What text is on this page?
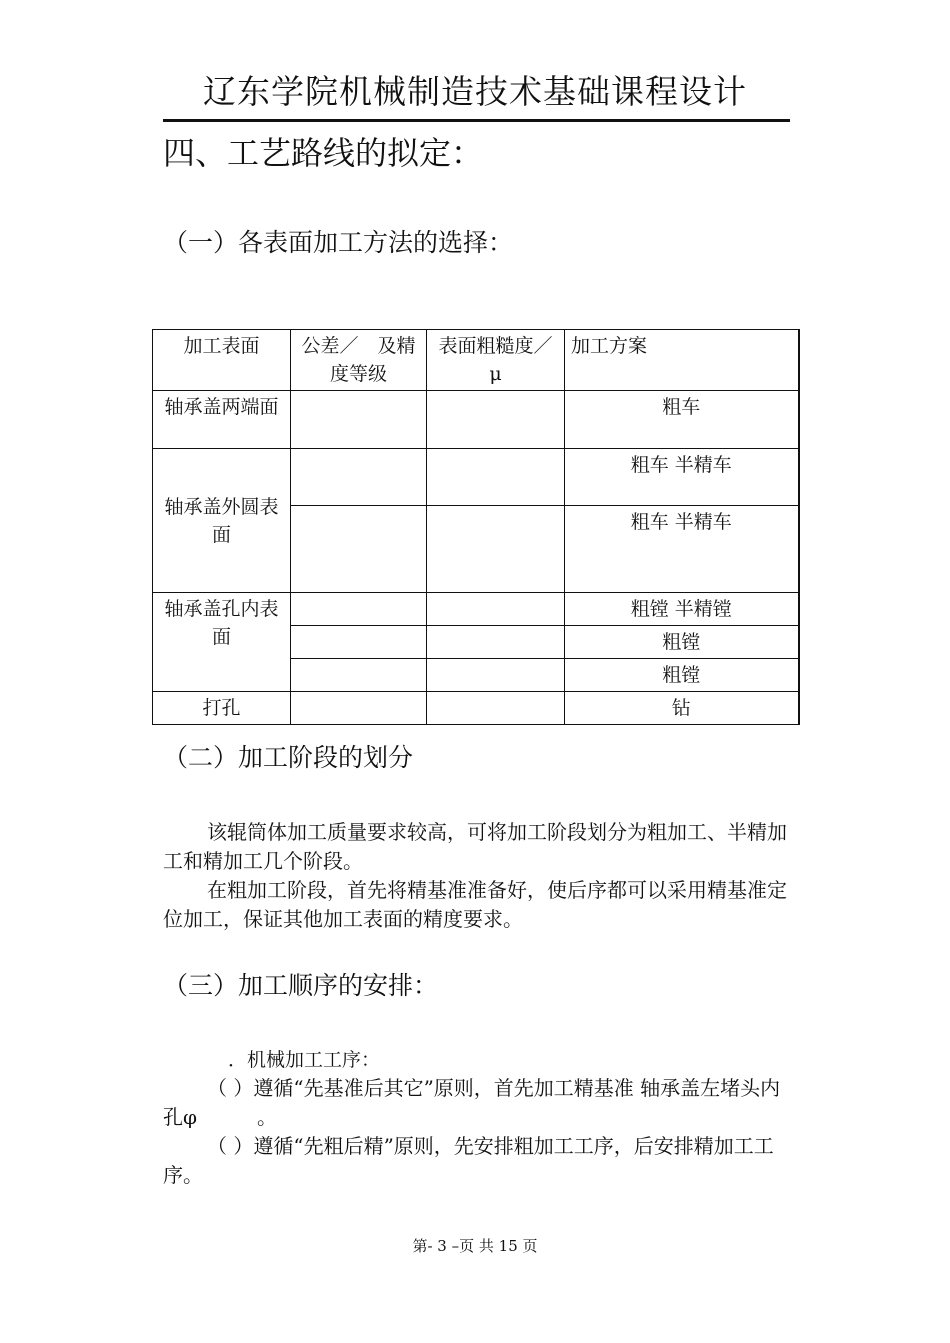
辽东学院机械制造技术基础课程设计
四、工艺路线的拟定：
（一）各表面加工方法的选择：
加工表面	公差／　及精度等级	表面粗糙度／ μ	加工方案
轴承盖两端面			粗车
轴承盖外圆表面			粗车 半精车
			粗车 半精车
轴承盖孔内表面			粗镗 半精镗
			粗镗
			粗镗
打孔			钻
（二）加工阶段的划分
该辊筒体加工质量要求较高，可将加工阶段划分为粗加工、半精加工和精加工几个阶段。
在粗加工阶段，首先将精基准准备好，使后序都可以采用精基准定位加工，保证其他加工表面的精度要求。
（三）加工顺序的安排：
．机械加工工序：
（ ）遵循“先基准后其它”原则，首先加工精基准 轴承盖左堵头内孔φ　　　。
（ ）遵循“先粗后精”原则，先安排粗加工工序，后安排精加工工序。
第- 3 –页 共 15 页
